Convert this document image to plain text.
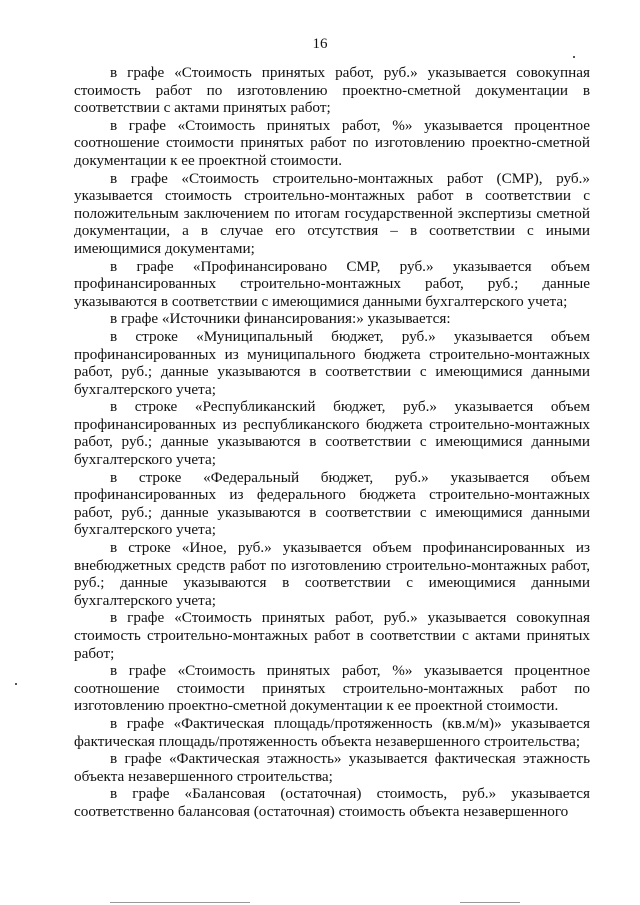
16

в графе «Стоимость принятых работ, руб.» указывается совокупная стоимость работ по изготовлению проектно-сметной документации в соответствии с актами принятых работ;

в графе «Стоимость принятых работ, %» указывается процентное соотношение стоимости принятых работ по изготовлению проектно-сметной документации к ее проектной стоимости.

в графе «Стоимость строительно-монтажных работ (СМР), руб.» указывается стоимость строительно-монтажных работ в соответствии с положительным заключением по итогам государственной экспертизы сметной документации, а в случае его отсутствия – в соответствии с иными имеющимися документами;

в графе «Профинансировано СМР, руб.» указывается объем профинансированных строительно-монтажных работ, руб.; данные указываются в соответствии с имеющимися данными бухгалтерского учета;

в графе «Источники финансирования:» указывается:

в строке «Муниципальный бюджет, руб.» указывается объем профинансированных из муниципального бюджета строительно-монтажных работ, руб.; данные указываются в соответствии с имеющимися данными бухгалтерского учета;

в строке «Республиканский бюджет, руб.» указывается объем профинансированных из республиканского бюджета строительно-монтажных работ, руб.; данные указываются в соответствии с имеющимися данными бухгалтерского учета;

в строке «Федеральный бюджет, руб.» указывается объем профинансированных из федерального бюджета строительно-монтажных работ, руб.; данные указываются в соответствии с имеющимися данными бухгалтерского учета;

в строке «Иное, руб.» указывается объем профинансированных из внебюджетных средств работ по изготовлению строительно-монтажных работ, руб.; данные указываются в соответствии с имеющимися данными бухгалтерского учета;

в графе «Стоимость принятых работ, руб.» указывается совокупная стоимость строительно-монтажных работ в соответствии с актами принятых работ;

в графе «Стоимость принятых работ, %» указывается процентное соотношение стоимости принятых строительно-монтажных работ по изготовлению проектно-сметной документации к ее проектной стоимости.

в графе «Фактическая площадь/протяженность (кв.м/м)» указывается фактическая площадь/протяженность объекта незавершенного строительства;

в графе «Фактическая этажность» указывается фактическая этажность объекта незавершенного строительства;

в графе «Балансовая (остаточная) стоимость, руб.» указывается соответственно балансовая (остаточная) стоимость объекта незавершенного
